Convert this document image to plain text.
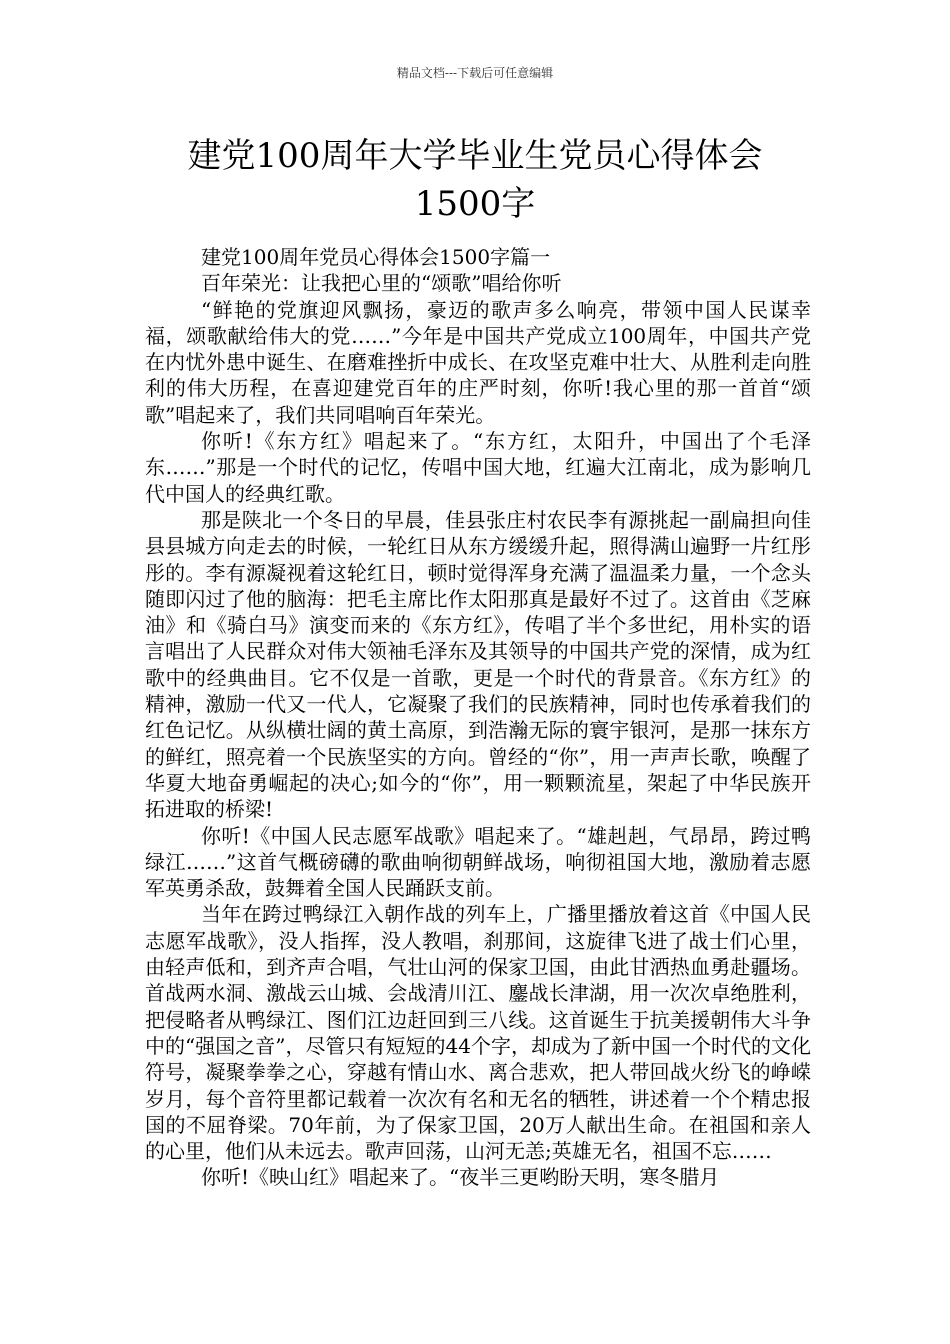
精品文档---下载后可任意编辑
建党100周年大学毕业生党员心得体会
1500字

建党100周年党员心得体会1500字篇一

百年荣光：让我把心里的“颂歌”唱给你听

“鲜艳的党旗迎风飘扬，豪迈的歌声多么响亮，带领中国人民谋幸福，颂歌献给伟大的党……”今年是中国共产党成立100周年，中国共产党在内忧外患中诞生、在磨难挫折中成长、在攻坚克难中壮大、从胜利走向胜利的伟大历程，在喜迎建党百年的庄严时刻，你听!我心里的那一首首“颂歌”唱起来了，我们共同唱响百年荣光。

你听!《东方红》唱起来了。“东方红，太阳升，中国出了个毛泽东……”那是一个时代的记忆，传唱中国大地，红遍大江南北，成为影响几代中国人的经典红歌。

那是陕北一个冬日的早晨，佳县张庄村农民李有源挑起一副扁担向佳县县城方向走去的时候，一轮红日从东方缓缓升起，照得满山遍野一片红彤彤的。李有源凝视着这轮红日，顿时觉得浑身充满了温温柔力量，一个念头随即闪过了他的脑海：把毛主席比作太阳那真是最好不过了。这首由《芝麻油》和《骑白马》演变而来的《东方红》，传唱了半个多世纪，用朴实的语言唱出了人民群众对伟大领袖毛泽东及其领导的中国共产党的深情，成为红歌中的经典曲目。它不仅是一首歌，更是一个时代的背景音。《东方红》的精神，激励一代又一代人，它凝聚了我们的民族精神，同时也传承着我们的红色记忆。从纵横壮阔的黄土高原，到浩瀚无际的寰宇银河，是那一抹东方的鲜红，照亮着一个民族坚实的方向。曾经的“你”，用一声声长歌，唤醒了华夏大地奋勇崛起的决心;如今的“你”，用一颗颗流星，架起了中华民族开拓进取的桥梁!

你听!《中国人民志愿军战歌》唱起来了。“雄赳赳，气昂昂，跨过鸭绿江……”这首气概磅礴的歌曲响彻朝鲜战场，响彻祖国大地，激励着志愿军英勇杀敌，鼓舞着全国人民踊跃支前。

当年在跨过鸭绿江入朝作战的列车上，广播里播放着这首《中国人民志愿军战歌》，没人指挥，没人教唱，刹那间，这旋律飞进了战士们心里，由轻声低和，到齐声合唱，气壮山河的保家卫国，由此甘洒热血勇赴疆场。首战两水洞、激战云山城、会战清川江、鏖战长津湖，用一次次卓绝胜利，把侵略者从鸭绿江、图们江边赶回到三八线。这首诞生于抗美援朝伟大斗争中的“强国之音”，尽管只有短短的44个字，却成为了新中国一个时代的文化符号，凝聚拳拳之心，穿越有情山水、离合悲欢，把人带回战火纷飞的峥嵘岁月，每个音符里都记载着一次次有名和无名的牺牲，讲述着一个个精忠报国的不屈脊梁。70年前，为了保家卫国，20万人献出生命。在祖国和亲人的心里，他们从未远去。歌声回荡，山河无恙;英雄无名，祖国不忘……

你听!《映山红》唱起来了。“夜半三更哟盼天明，寒冬腊月
